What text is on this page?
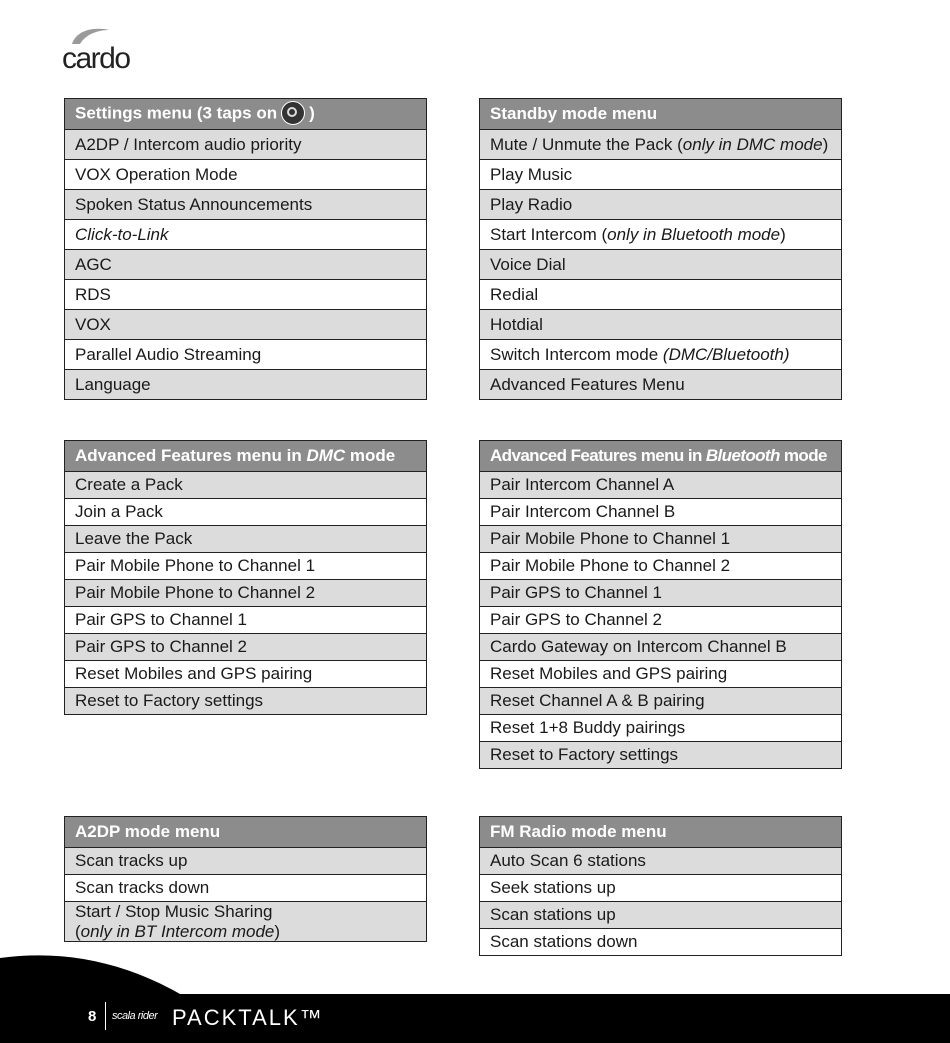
cardo
Settings menu (3 taps on )
A2DP / Intercom audio priority
VOX Operation Mode
Spoken Status Announcements
Click-to-Link
AGC
RDS
VOX
Parallel Audio Streaming
Language
Standby mode menu
Mute / Unmute the Pack (only in DMC mode)
Play Music
Play Radio
Start Intercom (only in Bluetooth mode)
Voice Dial
Redial
Hotdial
Switch Intercom mode (DMC/Bluetooth)
Advanced Features Menu
Advanced Features menu in DMC mode
Create a Pack
Join a Pack
Leave the Pack
Pair Mobile Phone to Channel 1
Pair Mobile Phone to Channel 2
Pair GPS to Channel 1
Pair GPS to Channel 2
Reset Mobiles and GPS pairing
Reset to Factory settings
Advanced Features menu in Bluetooth mode
Pair Intercom Channel A
Pair Intercom Channel B
Pair Mobile Phone to Channel 1
Pair Mobile Phone to Channel 2
Pair GPS to Channel 1
Pair GPS to Channel 2
Cardo Gateway on Intercom Channel B
Reset Mobiles and GPS pairing
Reset Channel A & B pairing
Reset 1+8 Buddy pairings
Reset to Factory settings
A2DP mode menu
Scan tracks up
Scan tracks down
Start / Stop Music Sharing
(only in BT Intercom mode)
FM Radio mode menu
Auto Scan 6 stations
Seek stations up
Scan stations up
Scan stations down
8 scala rider PACKTALK™
